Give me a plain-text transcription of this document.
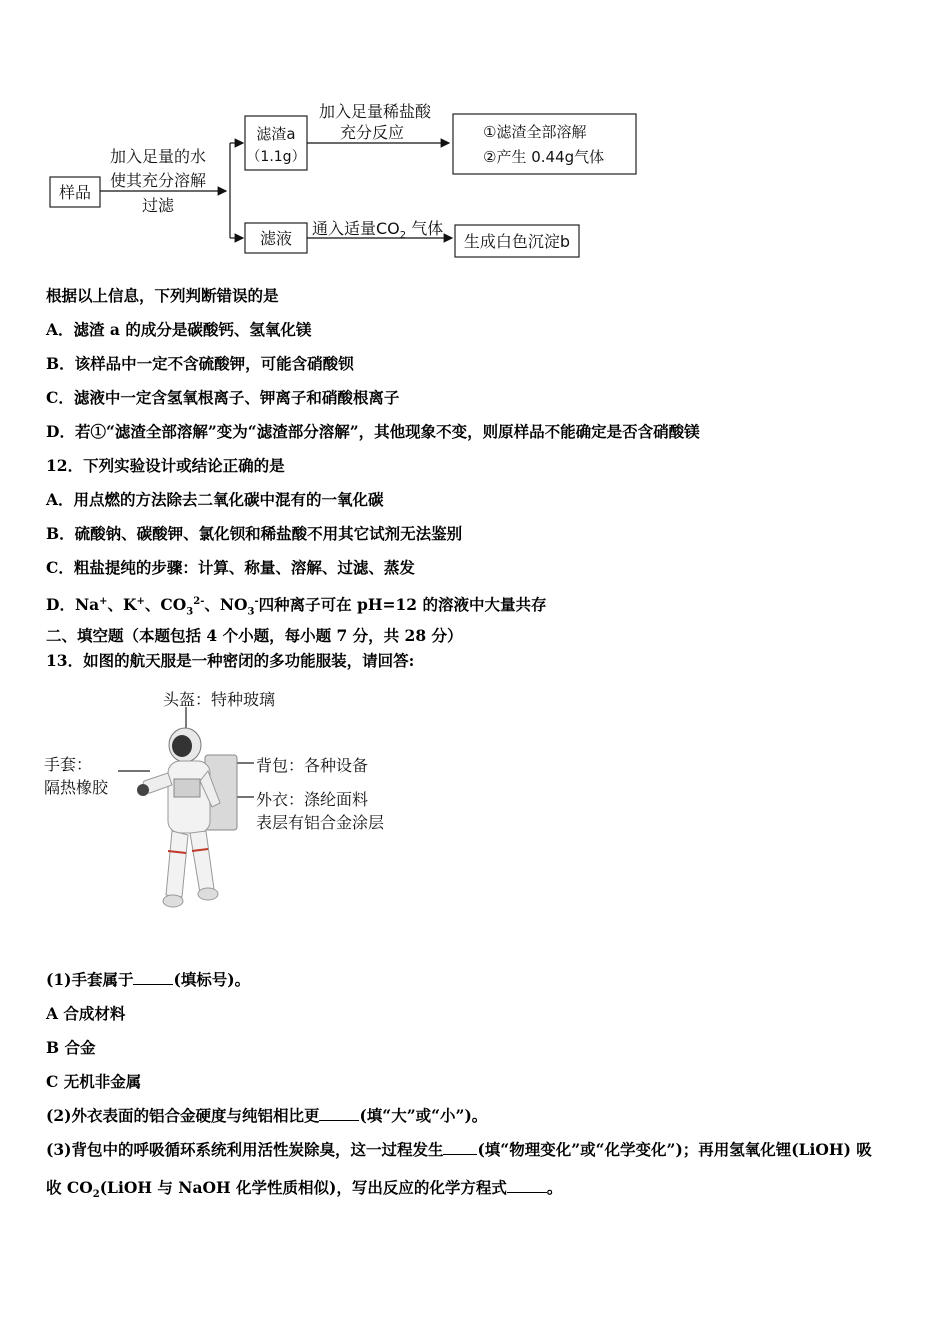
样品
加入足量的水
使其充分溶解
过滤
滤渣a
（1.1g）
加入足量稀盐酸
充分反应	①滤渣全部溶解
②产生 0.44g气体
滤液
通入适量$CO_2$ 气体
生成白色沉淀b
根据以上信息，下列判断错误的是
A．滤渣 a 的成分是碳酸钙、氢氧化镁
B．该样品中一定不含硫酸钾，可能含硝酸钡
C．滤液中一定含氢氧根离子、钾离子和硝酸根离子
D．若①“滤渣全部溶解”变为“滤渣部分溶解”，其他现象不变，则原样品不能确定是否含硝酸镁
12．下列实验设计或结论正确的是
A．用点燃的方法除去二氧化碳中混有的一氧化碳
B．硫酸钠、碳酸钾、氯化钡和稀盐酸不用其它试剂无法鉴别
C．粗盐提纯的步骤：计算、称量、溶解、过滤、蒸发
D．Na+、K+、$CO_3^{2-}$、$NO_3^-$四种离子可在 pH=12 的溶液中大量共存
二、填空题（本题包括 4 个小题，每小题 7 分，共 28 分）
13．如图的航天服是一种密闭的多功能服装，请回答:
头盔：特种玻璃
手套：
隔热橡胶
背包：各种设备
外衣：涤纶面料
表层有铝合金涂层
(1)手套属于	(填标号)。
A 合成材料
B 合金
C 无机非金属
(2)外衣表面的铝合金硬度与纯铝相比更	(填“大”或“小”)。
(3)背包中的呼吸循环系统利用活性炭除臭，这一过程发生 (填“物理变化”或“化学变化”)；再用氢氧化锂(LiOH) 吸
收 $CO_2(LiOH$ 与 NaOH 化学性质相似)，写出反应的化学方程式	。
